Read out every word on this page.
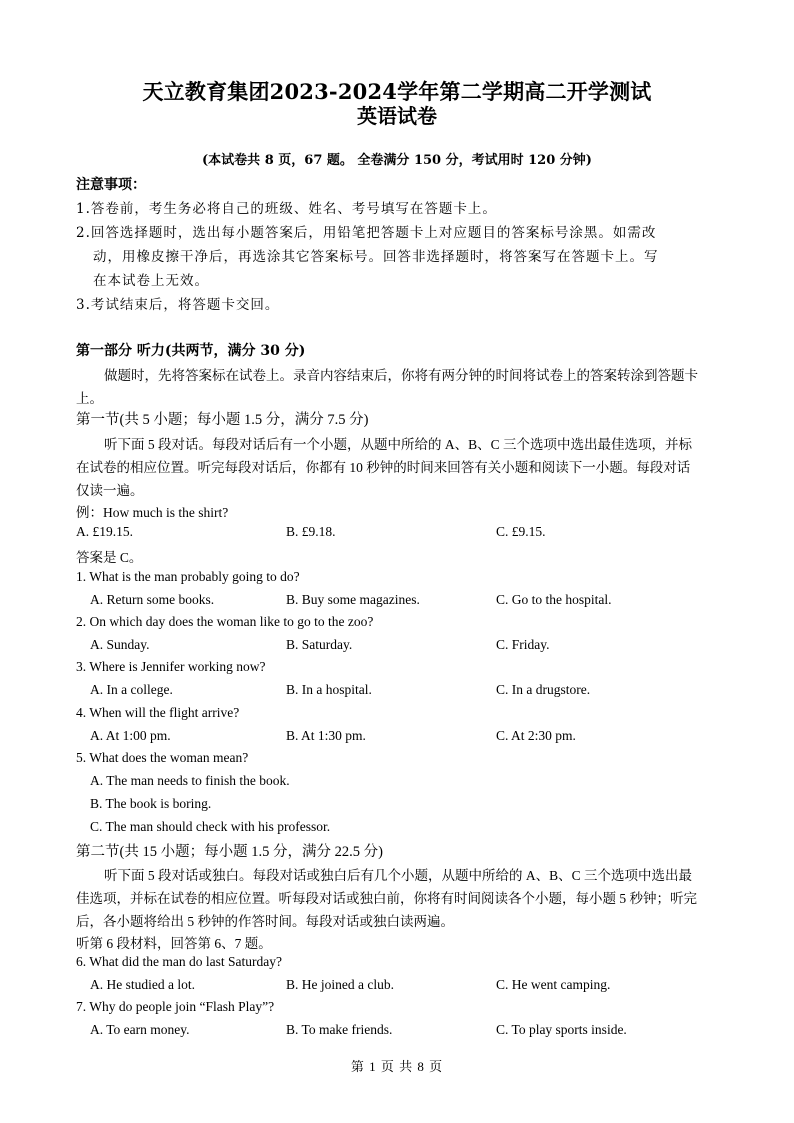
天立教育集团2023-2024学年第二学期高二开学测试
英语试卷
(本试卷共 8 页，67 题。 全卷满分 150 分，考试用时 120 分钟)
注意事项：
1.答卷前，考生务必将自己的班级、姓名、考号填写在答题卡上。
2.回答选择题时，选出每小题答案后，用铅笔把答题卡上对应题目的答案标号涂黑。如需改
动，用橡皮擦干净后，再选涂其它答案标号。回答非选择题时，将答案写在答题卡上。写
在本试卷上无效。
3.考试结束后，将答题卡交回。
第一部分 听力(共两节，满分 30 分)
做题时，先将答案标在试卷上。录音内容结束后，你将有两分钟的时间将试卷上的答案转涂到答题卡
上。
第一节(共 5 小题；每小题 1.5 分，满分 7.5 分)
听下面 5 段对话。每段对话后有一个小题，从题中所给的 A、B、C 三个选项中选出最佳选项，并标
在试卷的相应位置。听完每段对话后，你都有 10 秒钟的时间来回答有关小题和阅读下一小题。每段对话
仅读一遍。
例：How much is the shirt?
A. £19.15.	B. £9.18.	C. £9.15.
答案是 C。
1. What is the man probably going to do?
A. Return some books.	B. Buy some magazines.	C. Go to the hospital.
2. On which day does the woman like to go to the zoo?
A. Sunday.	B. Saturday.	C. Friday.
3. Where is Jennifer working now?
A. In a college.	B. In a hospital.	C. In a drugstore.
4. When will the flight arrive?
A. At 1:00 pm.	B. At 1:30 pm.	C. At 2:30 pm.
5. What does the woman mean?
A. The man needs to finish the book.
B. The book is boring.
C. The man should check with his professor.
第二节(共 15 小题；每小题 1.5 分，满分 22.5 分)
听下面 5 段对话或独白。每段对话或独白后有几个小题，从题中所给的 A、B、C 三个选项中选出最
佳选项，并标在试卷的相应位置。听每段对话或独白前，你将有时间阅读各个小题，每小题 5 秒钟；听完
后，各小题将给出 5 秒钟的作答时间。每段对话或独白读两遍。
听第 6 段材料，回答第 6、7 题。
6. What did the man do last Saturday?
A. He studied a lot.	B. He joined a club.	C. He went camping.
7. Why do people join “Flash Play”?
A. To earn money.	B. To make friends.	C. To play sports inside.
第 1 页 共 8 页
